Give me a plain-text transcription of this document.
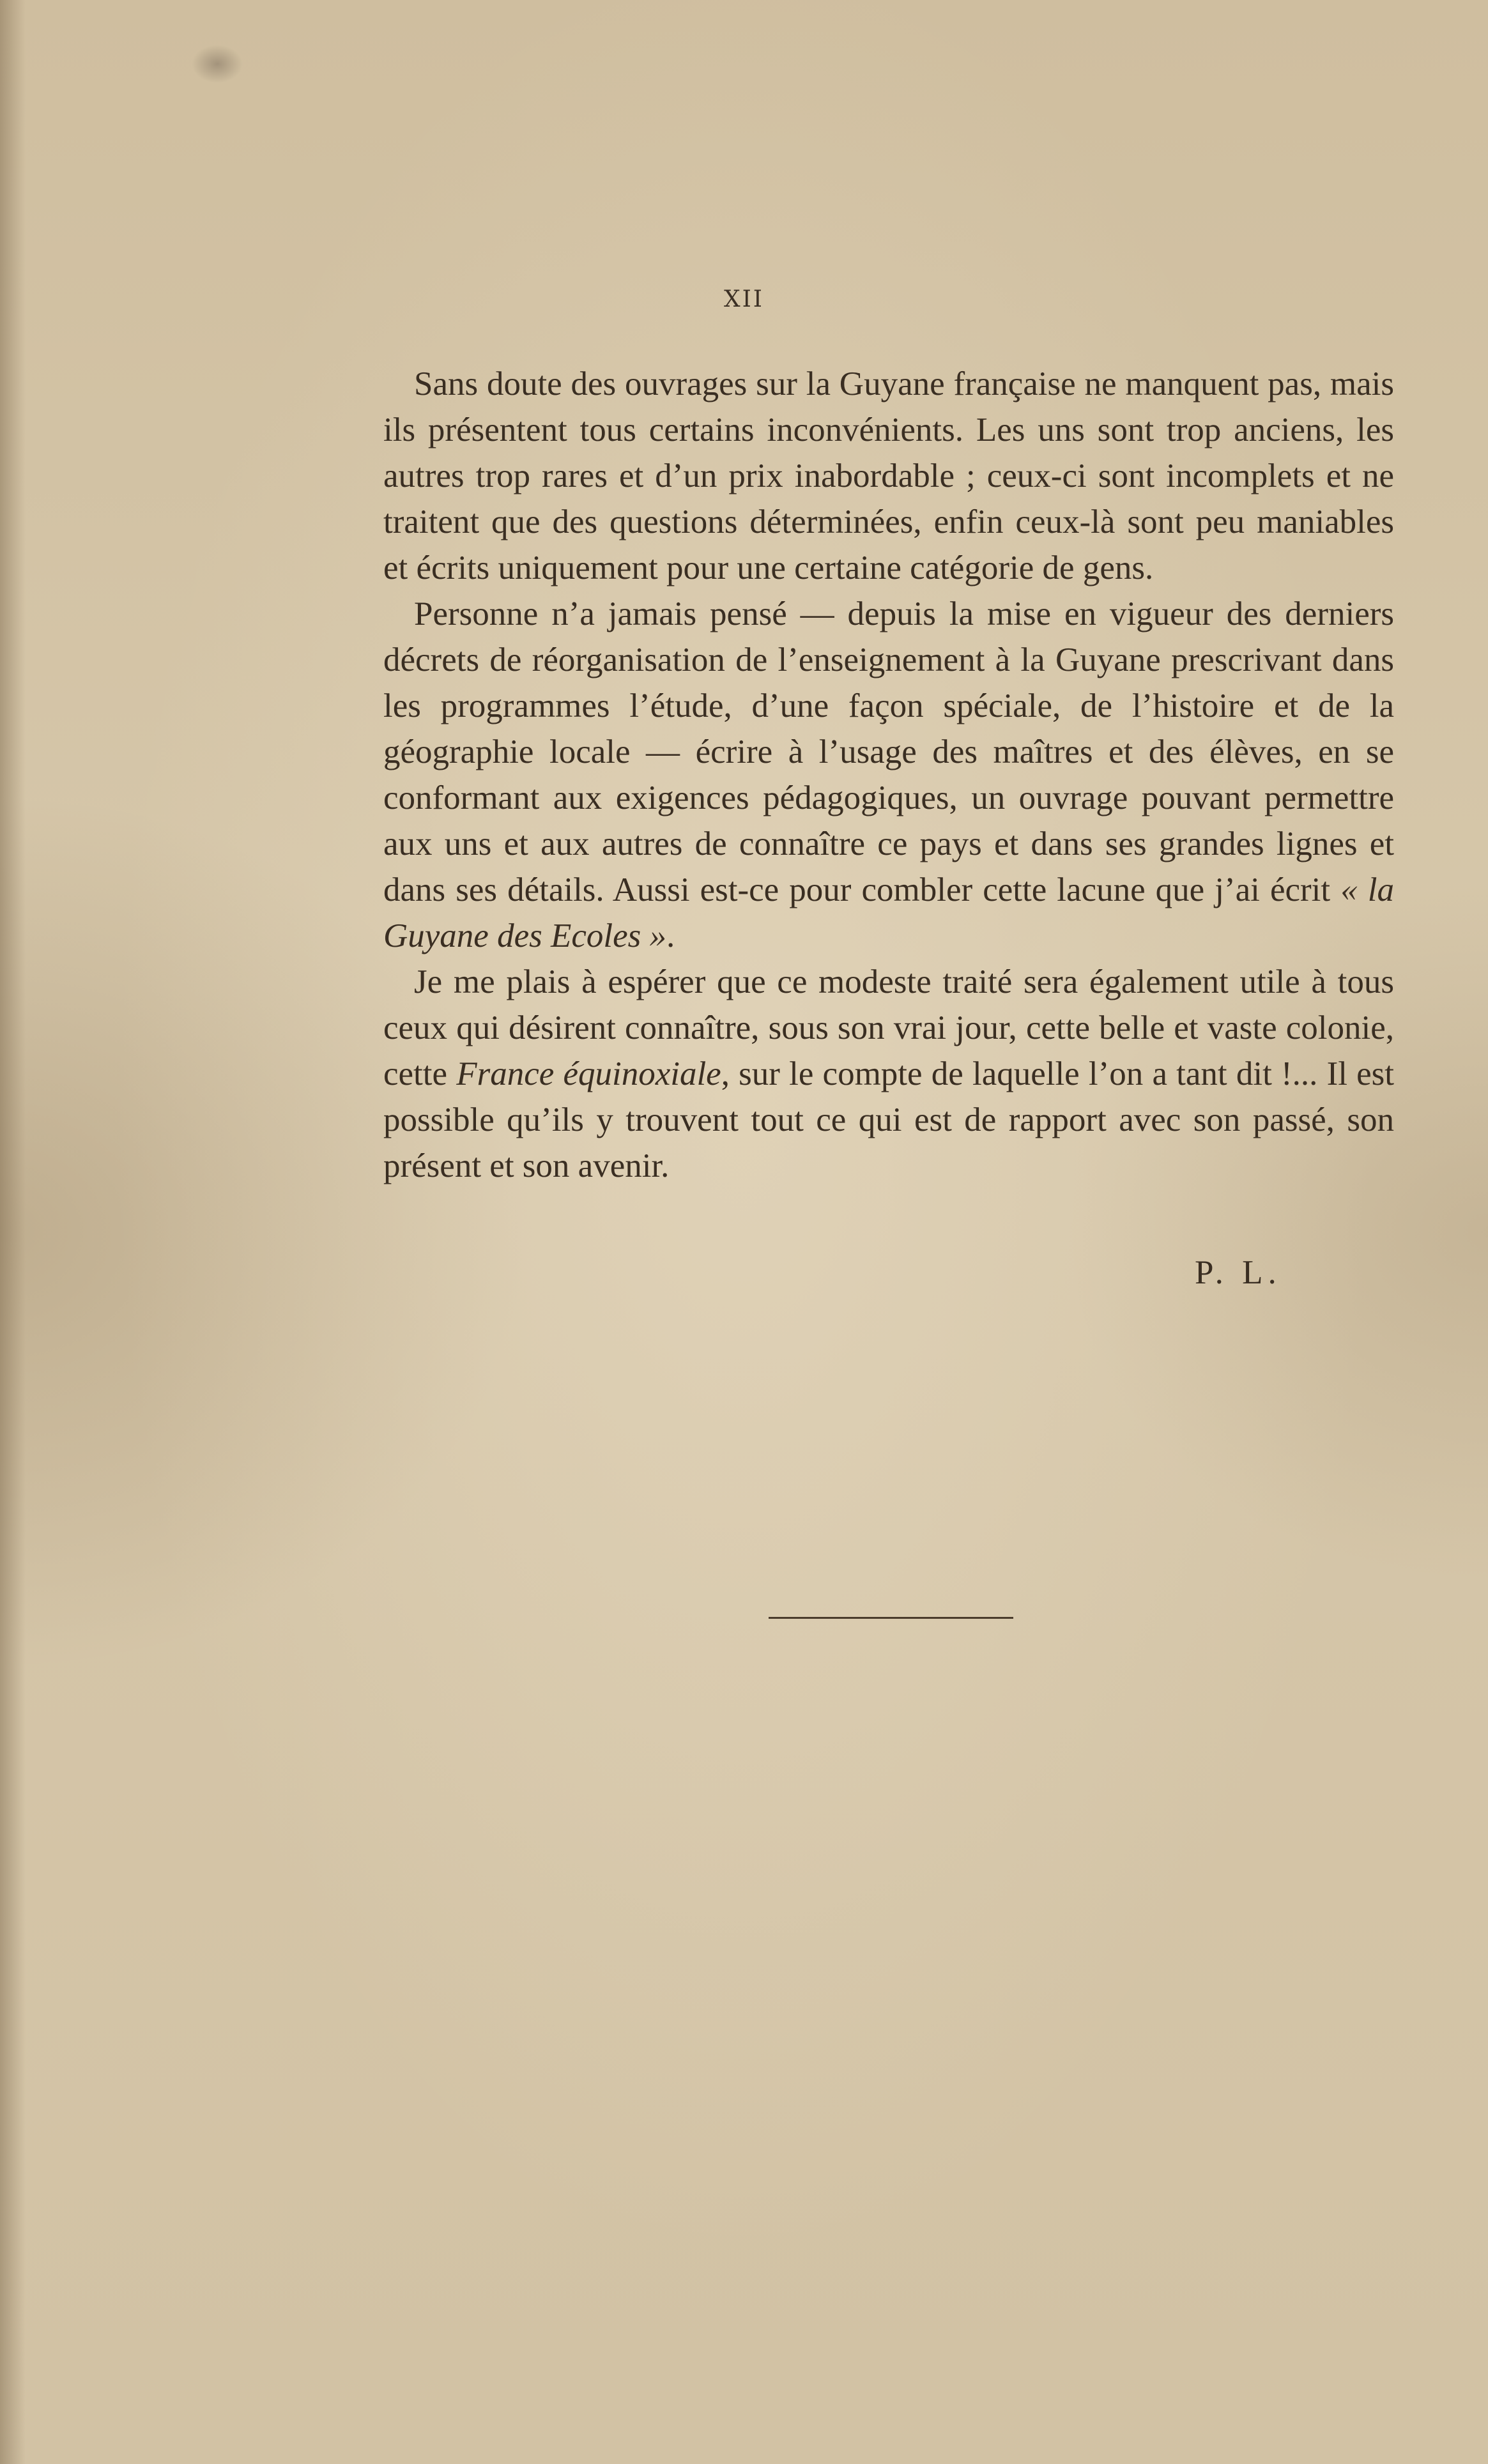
XII

Sans doute des ouvrages sur la Guyane française ne manquent pas, mais ils présentent tous certains inconvénients. Les uns sont trop anciens, les autres trop rares et d’un prix inabordable ; ceux-ci sont incomplets et ne traitent que des questions déterminées, enfin ceux-là sont peu maniables et écrits uniquement pour une certaine catégorie de gens.

Personne n’a jamais pensé — depuis la mise en vigueur des derniers décrets de réorganisation de l’enseignement à la Guyane prescrivant dans les programmes l’étude, d’une façon spéciale, de l’histoire et de la géographie locale — écrire à l’usage des maîtres et des élèves, en se conformant aux exigences pédagogiques, un ouvrage pouvant permettre aux uns et aux autres de connaître ce pays et dans ses grandes lignes et dans ses détails. Aussi est-ce pour combler cette lacune que j’ai écrit « la Guyane des Ecoles ».

Je me plais à espérer que ce modeste traité sera également utile à tous ceux qui désirent connaître, sous son vrai jour, cette belle et vaste colonie, cette France équinoxiale, sur le compte de laquelle l’on a tant dit !... Il est possible qu’ils y trouvent tout ce qui est de rapport avec son passé, son présent et son avenir.

P. L.
